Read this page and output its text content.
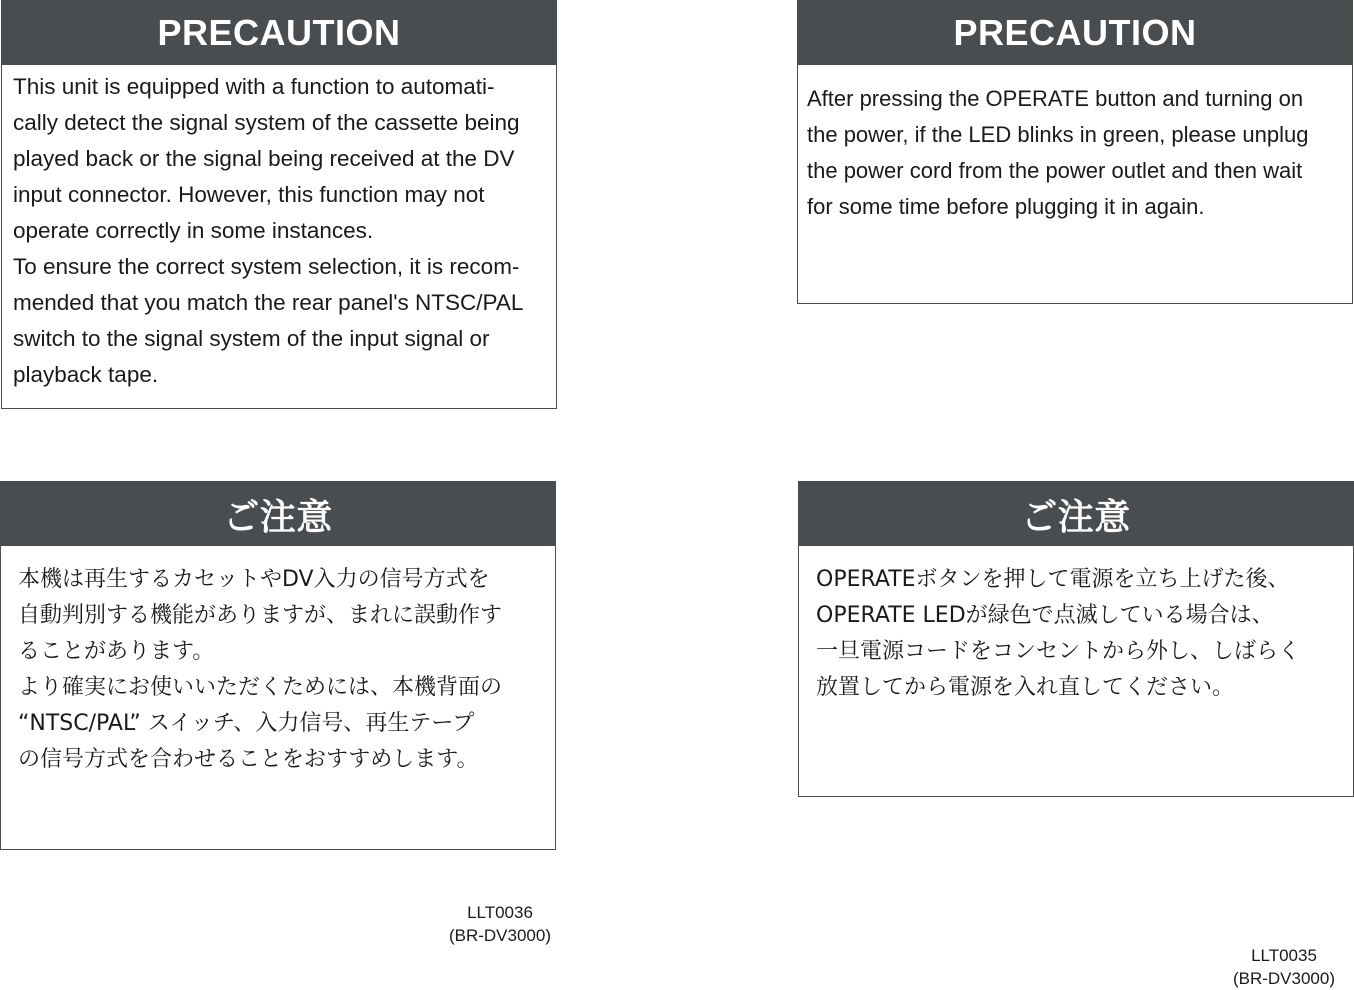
PRECAUTION
This unit is equipped with a function to automati-
cally detect the signal system of the cassette being
played back or the signal being received at the DV
input connector. However, this function may not
operate correctly in some instances.
To ensure the correct system selection, it is recom-
mended that you match the rear panel's NTSC/PAL
switch to the signal system of the input signal or
playback tape.
PRECAUTION
After pressing the OPERATE button and turning on
the power, if the LED blinks in green, please unplug
the power cord from the power outlet and then wait
for some time before plugging it in again.
ご注意
本機は再生するカセットやDV入力の信号方式を
自動判別する機能がありますが、まれに誤動作す
ることがあります。
より確実にお使いいただくためには、本機背面の
“NTSC/PAL” スイッチ、入力信号、再生テープ
の信号方式を合わせることをおすすめします。
ご注意
OPERATEボタンを押して電源を立ち上げた後、
OPERATE LEDが緑色で点滅している場合は、
一旦電源コードをコンセントから外し、しばらく
放置してから電源を入れ直してください。
LLT0036
(BR-DV3000)
LLT0035
(BR-DV3000)
